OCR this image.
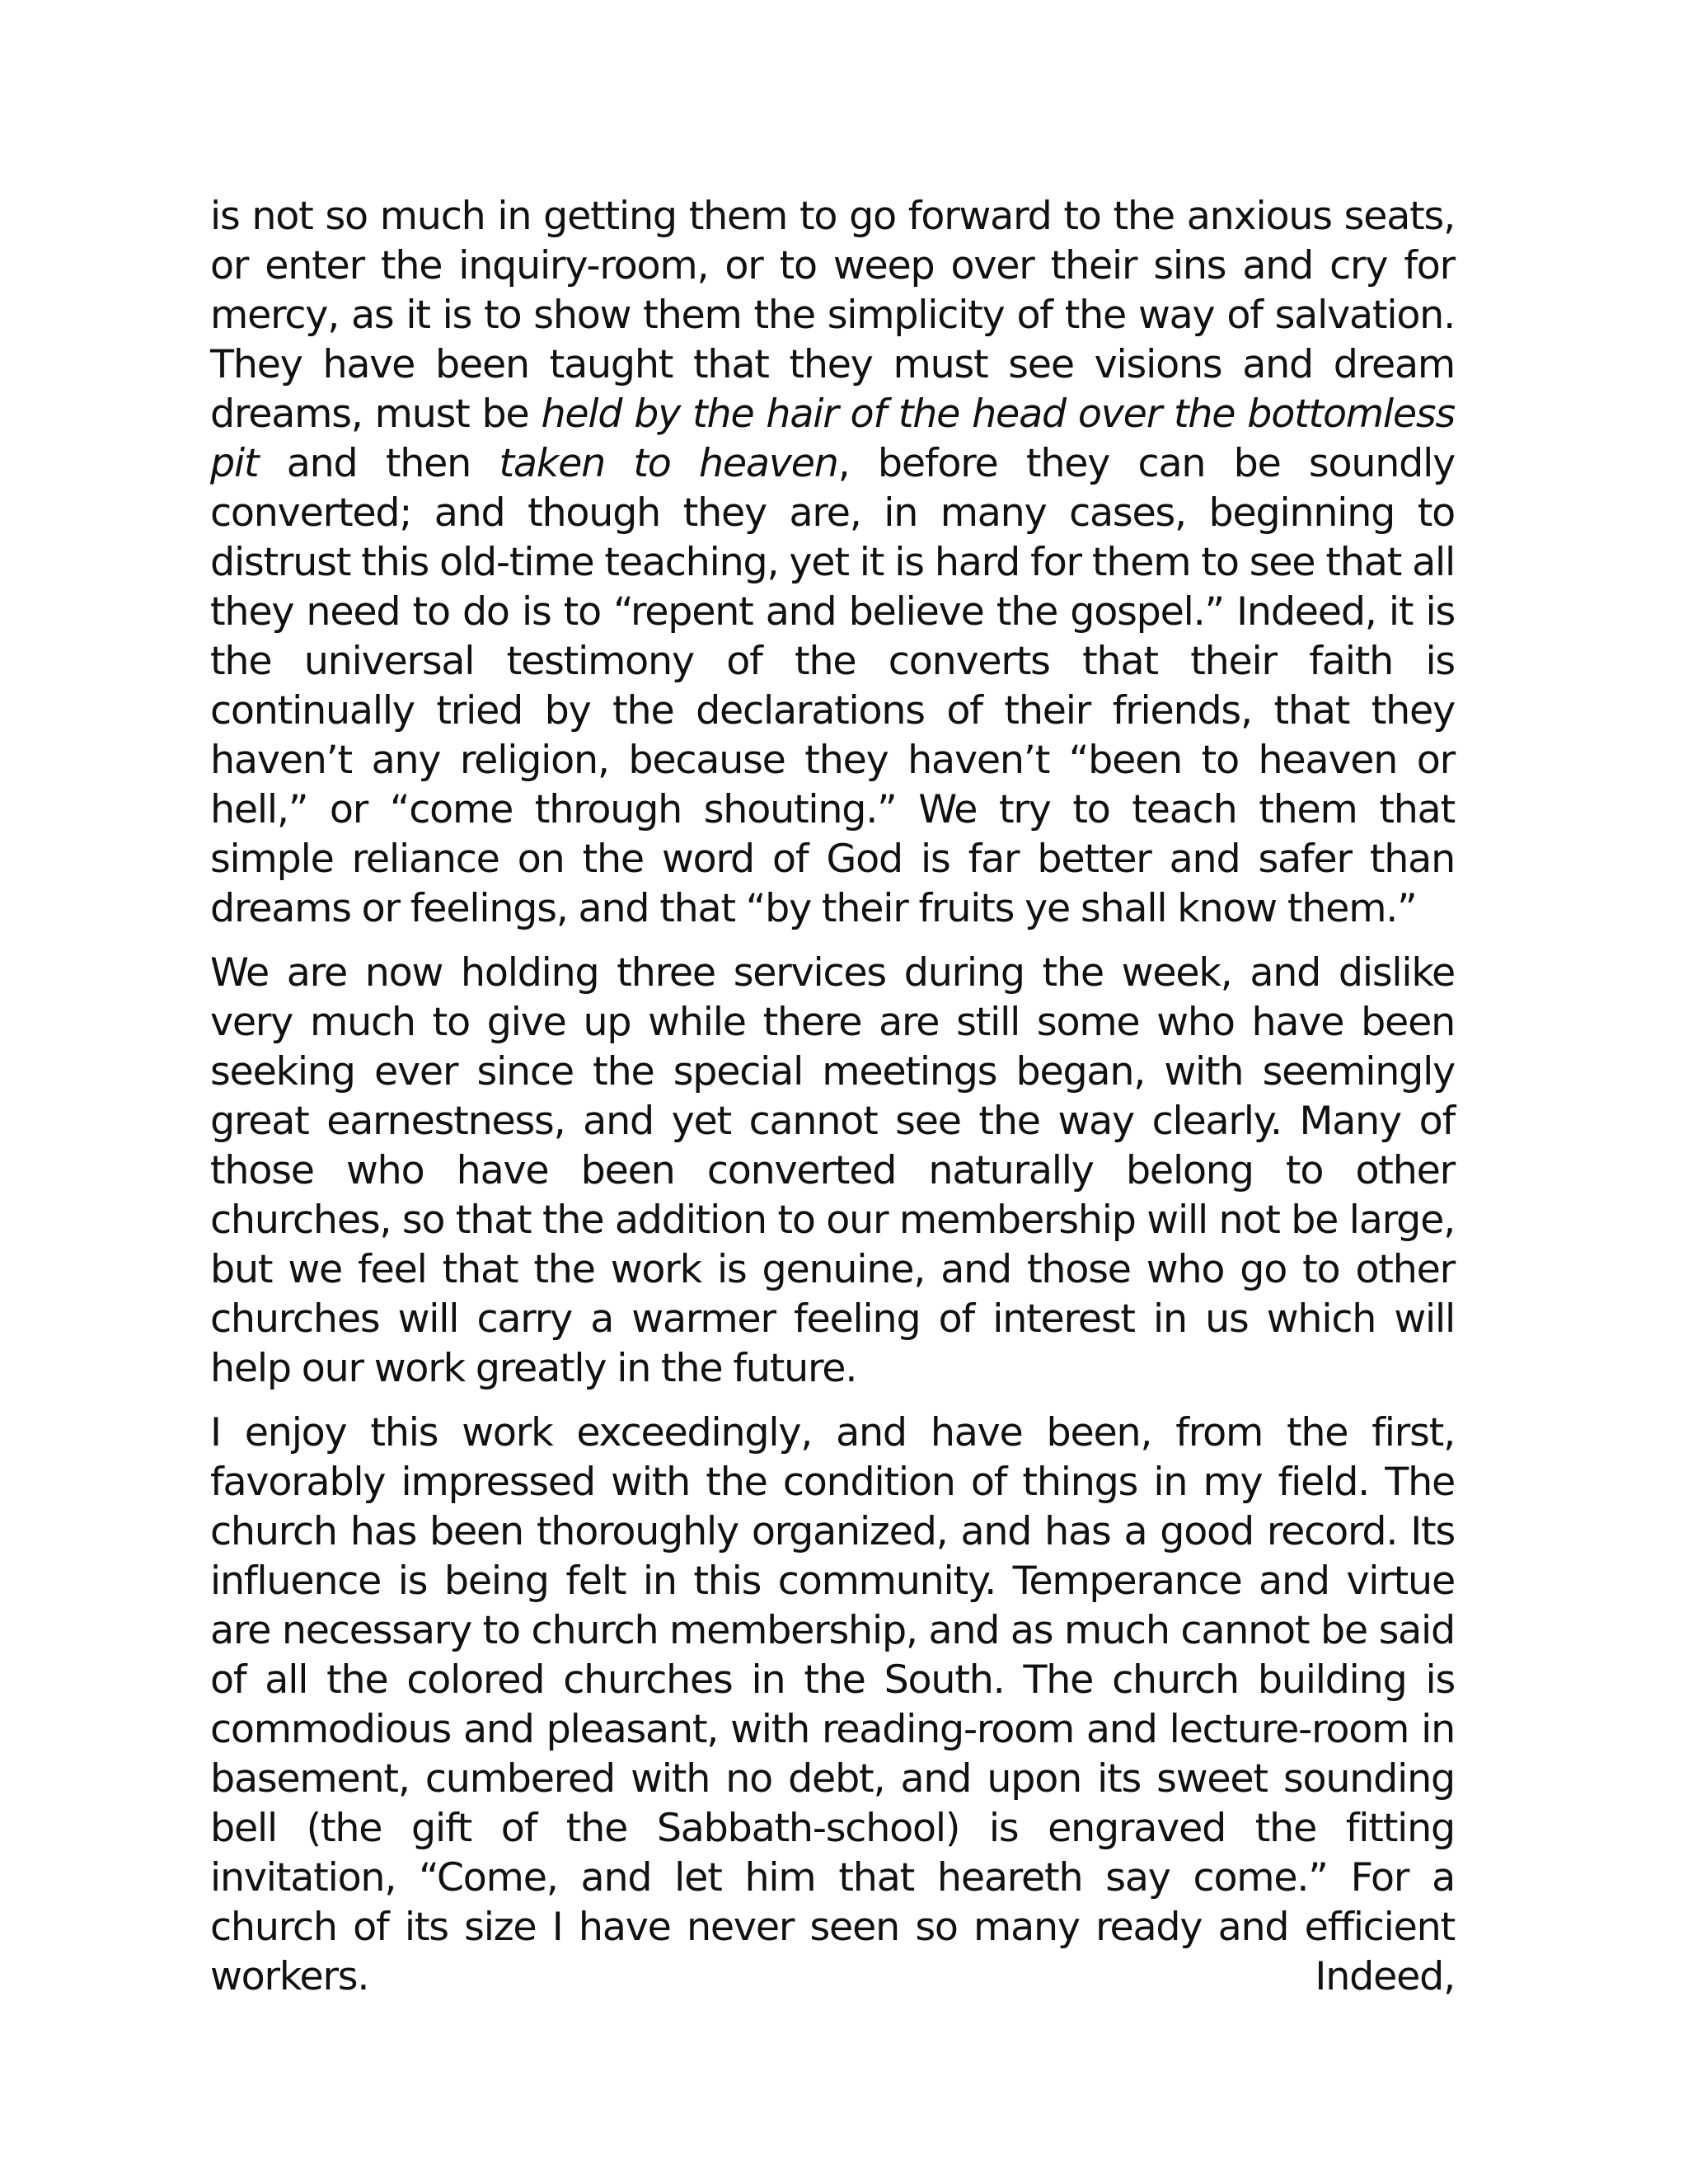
is not so much in getting them to go forward to the anxious seats, or enter the inquiry-room, or to weep over their sins and cry for mercy, as it is to show them the simplicity of the way of salvation. They have been taught that they must see visions and dream dreams, must be held by the hair of the head over the bottomless pit and then taken to heaven, before they can be soundly converted; and though they are, in many cases, beginning to distrust this old-time teaching, yet it is hard for them to see that all they need to do is to “repent and believe the gospel.” Indeed, it is the universal testimony of the converts that their faith is continually tried by the declarations of their friends, that they haven’t any religion, because they haven’t “been to heaven or hell,” or “come through shouting.” We try to teach them that simple reliance on the word of God is far better and safer than dreams or feelings, and that “by their fruits ye shall know them.”

We are now holding three services during the week, and dislike very much to give up while there are still some who have been seeking ever since the special meetings began, with seemingly great earnestness, and yet cannot see the way clearly. Many of those who have been converted naturally belong to other churches, so that the addition to our membership will not be large, but we feel that the work is genuine, and those who go to other churches will carry a warmer feeling of interest in us which will help our work greatly in the future.

I enjoy this work exceedingly, and have been, from the first, favorably impressed with the condition of things in my field. The church has been thoroughly organized, and has a good record. Its influence is being felt in this community. Temperance and virtue are necessary to church membership, and as much cannot be said of all the colored churches in the South. The church building is commodious and pleasant, with reading-room and lecture-room in basement, cumbered with no debt, and upon its sweet sounding bell (the gift of the Sabbath-school) is engraved the fitting invitation, “Come, and let him that heareth say come.” For a church of its size I have never seen so many ready and efficient workers. Indeed,
